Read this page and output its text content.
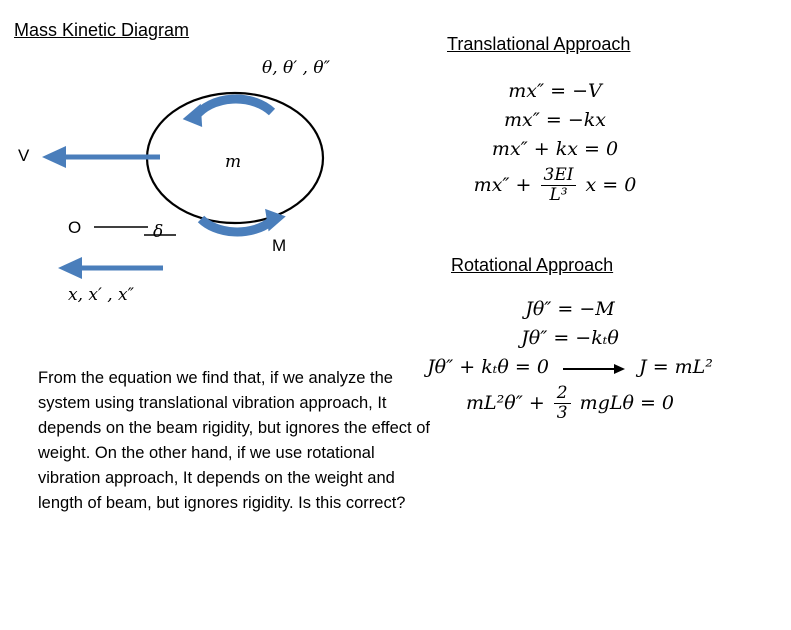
Mass Kinetic Diagram
θ, θ′ , θ″
m
V
O	δ
M
x, x′ , x″
From the equation we find that, if we analyze the system using translational vibration approach, It depends on the beam rigidity, but ignores the effect of weight. On the other hand, if we use rotational vibration approach, It depends on the weight and length of beam, but ignores rigidity. Is this correct?
Translational Approach
mx″ = −V
mx″ = −kx
mx″ + kx = 0
$mx'' + \frac{3EI}{\text{L³}}$ x = 0
Rotational Approach
Jθ″ = −M
Jθ″ = −kₜθ
Jθ″ + kₜθ = 0	J = mL²
$mL^2\theta'' + \frac{2}{3}$ mgLθ = 0
